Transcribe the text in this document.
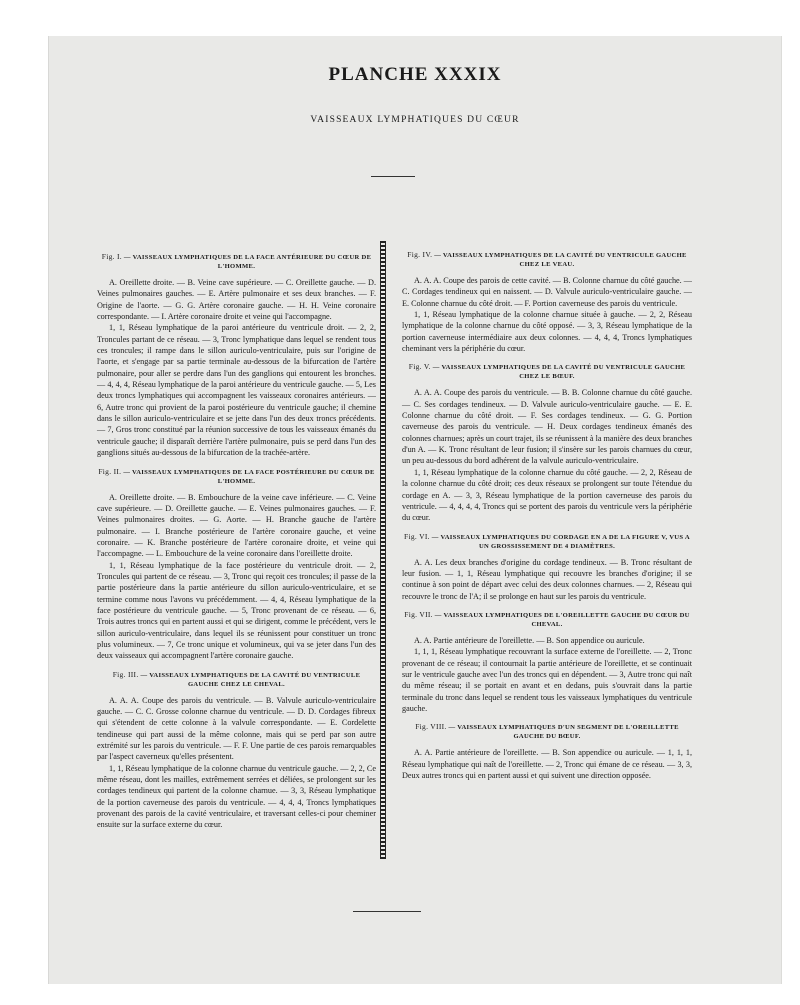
PLANCHE XXXIX
VAISSEAUX LYMPHATIQUES DU CŒUR
Fig. I. — VAISSEAUX LYMPHATIQUES DE LA FACE ANTÉRIEURE DU CŒUR DE L'HOMME.

A. Oreillette droite. — B. Veine cave supérieure. — C. Oreillette gauche. — D. Veines pulmonaires gauches. — E. Artère pulmonaire et ses deux branches. — F. Origine de l'aorte. — G. G. Artère coronaire gauche. — H. H. Veine coronaire correspondante. — I. Artère coronaire droite et veine qui l'accompagne.

1, 1, Réseau lymphatique de la paroi antérieure du ventricule droit. — 2, 2, Troncules partant de ce réseau. — 3, Tronc lymphatique dans lequel se rendent tous ces troncules; il rampe dans le sillon auriculo-ventriculaire, puis sur l'origine de l'aorte, et s'engage par sa partie terminale au-dessous de la bifurcation de l'artère pulmonaire, pour aller se perdre dans l'un des ganglions qui entourent les bronches. — 4, 4, 4, Réseau lymphatique de la paroi antérieure du ventricule gauche. — 5, Les deux troncs lymphatiques qui accompagnent les vaisseaux coronaires antérieurs. — 6, Autre tronc qui provient de la paroi postérieure du ventricule gauche; il chemine dans le sillon auriculo-ventriculaire et se jette dans l'un des deux troncs précédents. — 7, Gros tronc constitué par la réunion successive de tous les vaisseaux émanés du ventricule gauche; il disparaît derrière l'artère pulmonaire, puis se perd dans l'un des ganglions situés au-dessous de la bifurcation de la trachée-artère.

Fig. II. — VAISSEAUX LYMPHATIQUES DE LA FACE POSTÉRIEURE DU CŒUR DE L'HOMME.

A. Oreillette droite. — B. Embouchure de la veine cave inférieure. — C. Veine cave supérieure. — D. Oreillette gauche. — E. Veines pulmonaires gauches. — F. Veines pulmonaires droites. — G. Aorte. — H. Branche gauche de l'artère pulmonaire. — I. Branche postérieure de l'artère coronaire gauche, et veine coronaire. — K. Branche postérieure de l'artère coronaire droite, et veine qui l'accompagne. — L. Embouchure de la veine coronaire dans l'oreillette droite.

1, 1, Réseau lymphatique de la face postérieure du ventricule droit. — 2, Troncules qui partent de ce réseau. — 3, Tronc qui reçoit ces troncules; il passe de la partie postérieure dans la partie antérieure du sillon auriculo-ventriculaire, et se termine comme nous l'avons vu précédemment. — 4, 4, Réseau lymphatique de la face postérieure du ventricule gauche. — 5, Tronc provenant de ce réseau. — 6, Trois autres troncs qui en partent aussi et qui se dirigent, comme le précédent, vers le sillon auriculo-ventriculaire, dans lequel ils se réunissent pour constituer un tronc plus volumineux. — 7, Ce tronc unique et volumineux, qui va se jeter dans l'un des deux vaisseaux qui accompagnent l'artère coronaire gauche.

Fig. III. — VAISSEAUX LYMPHATIQUES DE LA CAVITÉ DU VENTRICULE GAUCHE CHEZ LE CHEVAL.

A. A. A. Coupe des parois du ventricule. — B. Valvule auriculo-ventriculaire gauche. — C. C. Grosse colonne charnue du ventricule. — D. D. Cordages fibreux qui s'étendent de cette colonne à la valvule correspondante. — E. Cordelette tendineuse qui part aussi de la même colonne, mais qui se perd par son autre extrémité sur les parois du ventricule. — F. F. Une partie de ces parois remarquables par l'aspect caverneux qu'elles présentent.

1, 1, Réseau lymphatique de la colonne charnue du ventricule gauche. — 2, 2, Ce même réseau, dont les mailles, extrêmement serrées et déliées, se prolongent sur les cordages tendineux qui partent de la colonne charnue. — 3, 3, Réseau lymphatique de la portion caverneuse des parois du ventricule. — 4, 4, 4, Troncs lymphatiques provenant des parois de la cavité ventriculaire, et traversant celles-ci pour cheminer ensuite sur la surface externe du cœur.

Fig. IV. — VAISSEAUX LYMPHATIQUES DE LA CAVITÉ DU VENTRICULE GAUCHE CHEZ LE VEAU.

A. A. A. Coupe des parois de cette cavité. — B. Colonne charnue du côté gauche. — C. Cordages tendineux qui en naissent. — D. Valvule auriculo-ventriculaire gauche. — E. Colonne charnue du côté droit. — F. Portion caverneuse des parois du ventricule.

1, 1, Réseau lymphatique de la colonne charnue située à gauche. — 2, 2, Réseau lymphatique de la colonne charnue du côté opposé. — 3, 3, Réseau lymphatique de la portion caverneuse intermédiaire aux deux colonnes. — 4, 4, 4, Troncs lymphatiques cheminant vers la périphérie du cœur.

Fig. V. — VAISSEAUX LYMPHATIQUES DE LA CAVITÉ DU VENTRICULE GAUCHE CHEZ LE BŒUF.

A. A. A. Coupe des parois du ventricule. — B. B. Colonne charnue du côté gauche. — C. Ses cordages tendineux. — D. Valvule auriculo-ventriculaire gauche. — E. E. Colonne charnue du côté droit. — F. Ses cordages tendineux. — G. G. Portion caverneuse des parois du ventricule. — H. Deux cordages tendineux émanés des colonnes charnues; après un court trajet, ils se réunissent à la manière des deux branches d'un A. — K. Tronc résultant de leur fusion; il s'insère sur les parois charnues du cœur, un peu au-dessous du bord adhérent de la valvule auriculo-ventriculaire.

1, 1, Réseau lymphatique de la colonne charnue du côté gauche. — 2, 2, Réseau de la colonne charnue du côté droit; ces deux réseaux se prolongent sur toute l'étendue du cordage en A. — 3, 3, Réseau lymphatique de la portion caverneuse des parois du ventricule. — 4, 4, 4, 4, Troncs qui se portent des parois du ventricule vers la périphérie du cœur.

Fig. VI. — VAISSEAUX LYMPHATIQUES DU CORDAGE EN A DE LA FIGURE V, VUS A UN GROSSISSEMENT DE 4 DIAMÈTRES.

A. A. Les deux branches d'origine du cordage tendineux. — B. Tronc résultant de leur fusion. — 1, 1, Réseau lymphatique qui recouvre les branches d'origine; il se continue à son point de départ avec celui des deux colonnes charnues. — 2, Réseau qui recouvre le tronc de l'A; il se prolonge en haut sur les parois du ventricule.

Fig. VII. — VAISSEAUX LYMPHATIQUES DE L'OREILLETTE GAUCHE DU CŒUR DU CHEVAL.

A. A. Partie antérieure de l'oreillette. — B. Son appendice ou auricule.

1, 1, 1, Réseau lymphatique recouvrant la surface externe de l'oreillette. — 2, Tronc provenant de ce réseau; il contournait la partie antérieure de l'oreillette, et se continuait sur le ventricule gauche avec l'un des troncs qui en dépendent. — 3, Autre tronc qui naît du même réseau; il se portait en avant et en dedans, puis s'ouvrait dans la partie terminale du tronc dans lequel se rendent tous les vaisseaux lymphatiques du ventricule gauche.

Fig. VIII. — VAISSEAUX LYMPHATIQUES D'UN SEGMENT DE L'OREILLETTE GAUCHE DU BŒUF.

A. A. Partie antérieure de l'oreillette. — B. Son appendice ou auricule. — 1, 1, 1, Réseau lymphatique qui naît de l'oreillette. — 2, Tronc qui émane de ce réseau. — 3, 3, Deux autres troncs qui en partent aussi et qui suivent une direction opposée.
